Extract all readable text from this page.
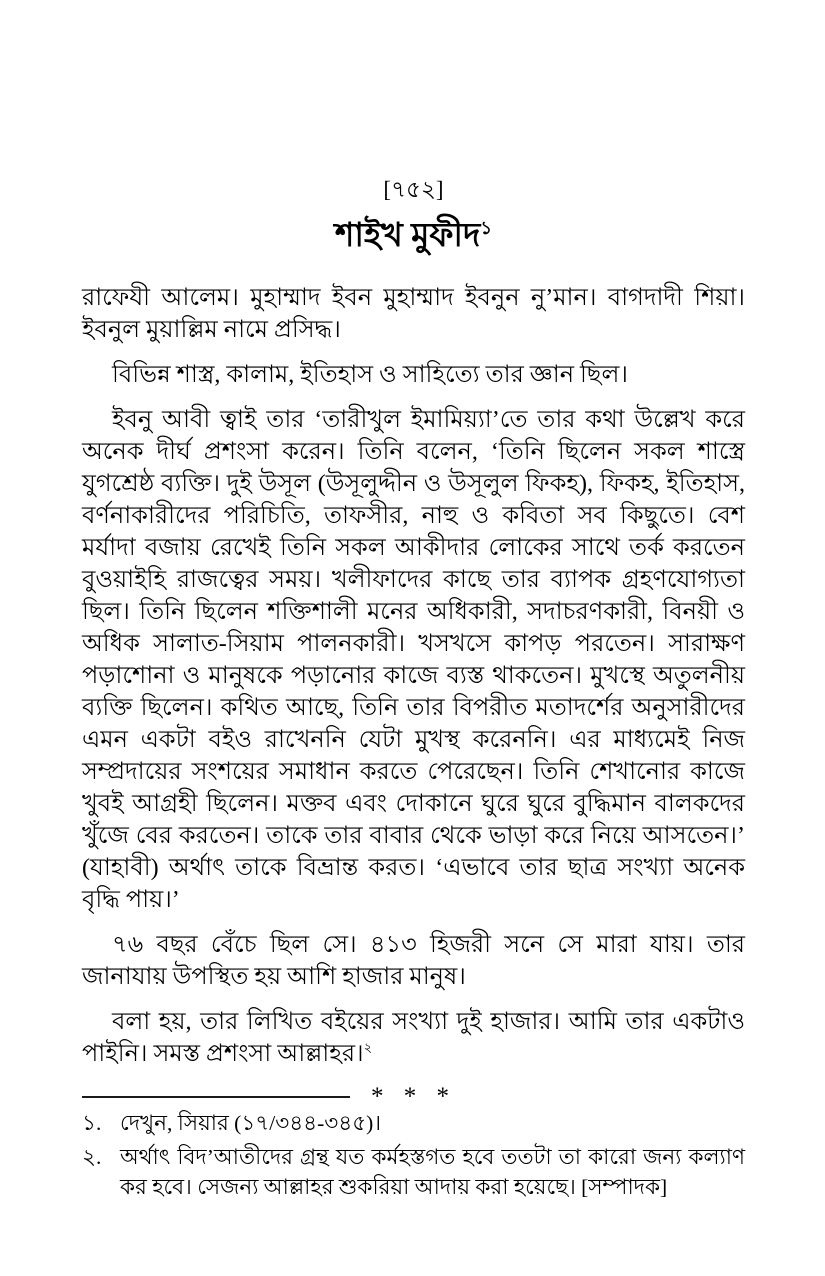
[৭৫২]
শাইখ মুফীদ$^১$

রাফেযী আলেম। মুহাম্মাদ ইবন মুহাম্মাদ ইবনুন নু’মান। বাগদাদী শিয়া। ইবনুল মুয়াল্লিম নামে প্রসিদ্ধ।

বিভিন্ন শাস্ত্র, কালাম, ইতিহাস ও সাহিত্যে তার জ্ঞান ছিল।

ইবনু আবী ত্বাই তার ‘তারীখুল ইমামিয়্যা’তে তার কথা উল্লেখ করে অনেক দীর্ঘ প্রশংসা করেন। তিনি বলেন, ‘তিনি ছিলেন সকল শাস্ত্রে যুগশ্রেষ্ঠ ব্যক্তি। দুই উসূল (উসূলুদ্দীন ও উসূলুল ফিকহ), ফিকহ, ইতিহাস, বর্ণনাকারীদের পরিচিতি, তাফসীর, নাহু ও কবিতা সব কিছুতে। বেশ মর্যাদা বজায় রেখেই তিনি সকল আকীদার লোকের সাথে তর্ক করতেন বুওয়াইহি রাজত্বের সময়। খলীফাদের কাছে তার ব্যাপক গ্রহণযোগ্যতা ছিল। তিনি ছিলেন শক্তিশালী মনের অধিকারী, সদাচরণকারী, বিনয়ী ও অধিক সালাত-সিয়াম পালনকারী। খসখসে কাপড় পরতেন। সারাক্ষণ পড়াশোনা ও মানুষকে পড়ানোর কাজে ব্যস্ত থাকতেন। মুখস্থে অতুলনীয় ব্যক্তি ছিলেন। কথিত আছে, তিনি তার বিপরীত মতাদর্শের অনুসারীদের এমন একটা বইও রাখেননি যেটা মুখস্থ করেননি। এর মাধ্যমেই নিজ সম্প্রদায়ের সংশয়ের সমাধান করতে পেরেছেন। তিনি শেখানোর কাজে খুবই আগ্রহী ছিলেন। মক্তব এবং দোকানে ঘুরে ঘুরে বুদ্ধিমান বালকদের খুঁজে বের করতেন। তাকে তার বাবার থেকে ভাড়া করে নিয়ে আসতেন।’ (যাহাবী) অর্থাৎ তাকে বিভ্রান্ত করত। ‘এভাবে তার ছাত্র সংখ্যা অনেক বৃদ্ধি পায়।’

৭৬ বছর বেঁচে ছিল সে। ৪১৩ হিজরী সনে সে মারা যায়। তার জানাযায় উপস্থিত হয় আশি হাজার মানুষ।

বলা হয়, তার লিখিত বইয়ের সংখ্যা দুই হাজার। আমি তার একটাও পাইনি। সমস্ত প্রশংসা আল্লাহর।$^২$

* * *
১. দেখুন, সিয়ার (১৭/৩৪৪-৩৪৫)।
২. অর্থাৎ বিদ’আতীদের গ্রন্থ যত কর্মহস্তগত হবে ততটা তা কারো জন্য কল্যাণ কর হবে। সেজন্য আল্লাহর শুকরিয়া আদায় করা হয়েছে। [সম্পাদক]
